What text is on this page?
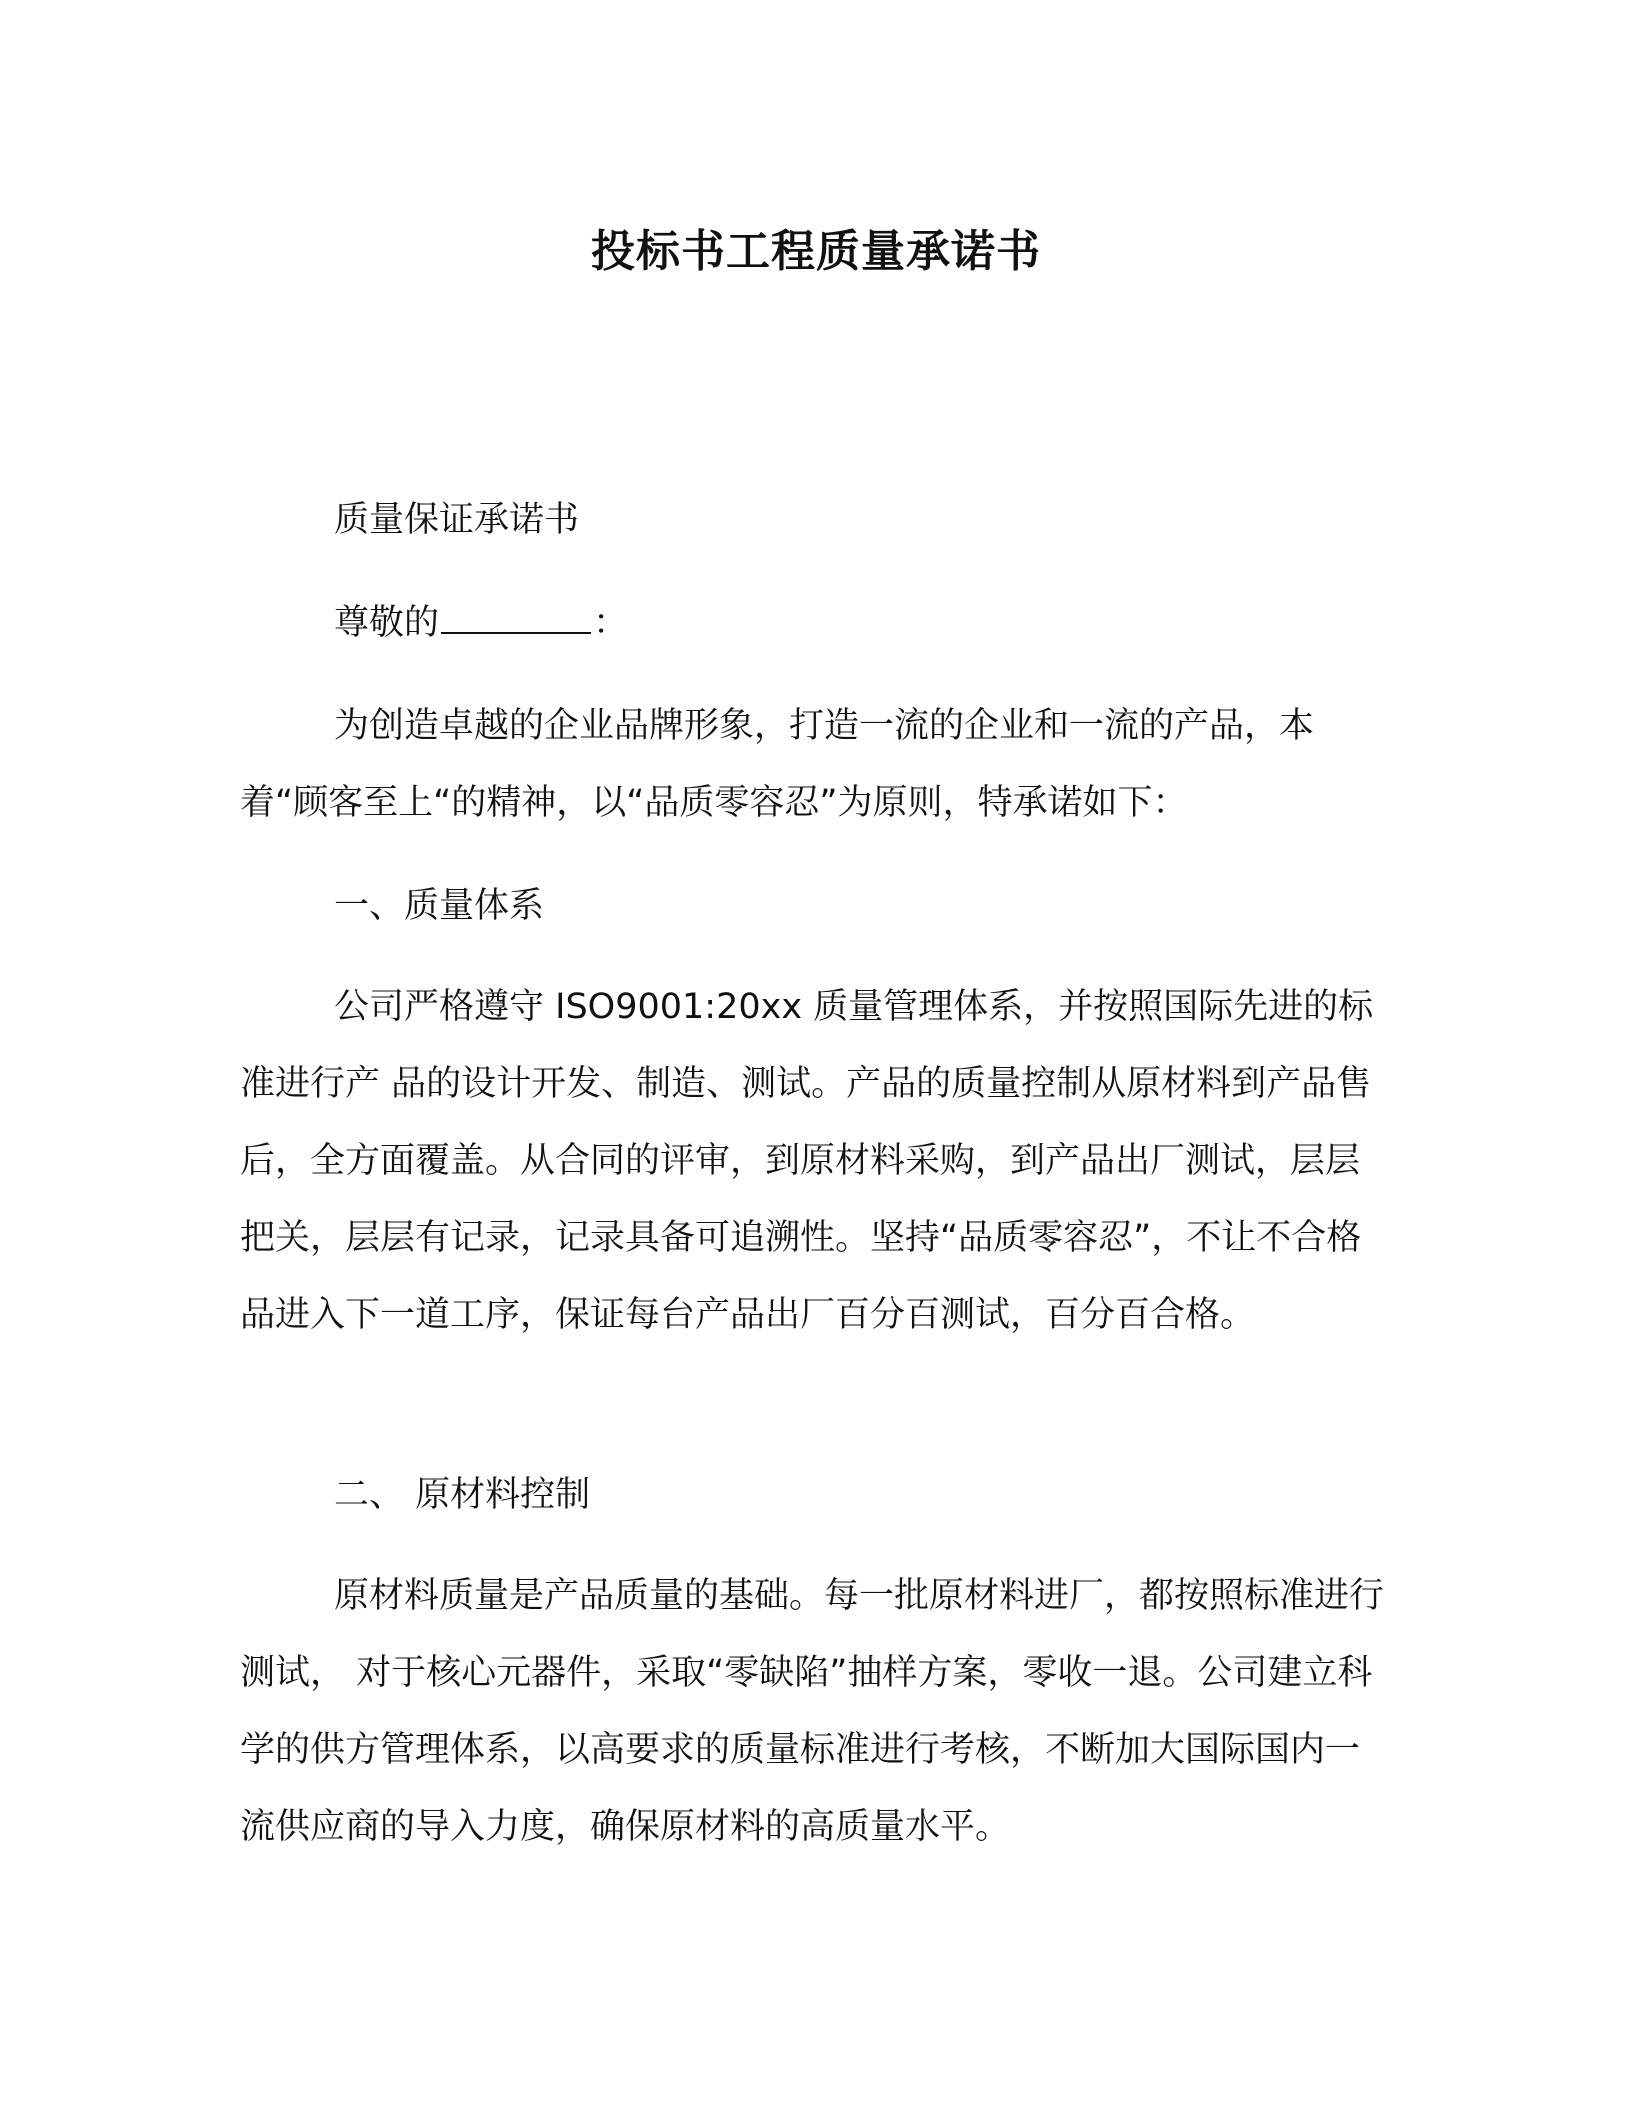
投标书工程质量承诺书

质量保证承诺书

尊敬的	：

为创造卓越的企业品牌形象，打造一流的企业和一流的产品，本着“顾客至上“的精神，以“品质零容忍”为原则，特承诺如下：

一、质量体系

公司严格遵守 ISO9001:20xx 质量管理体系，并按照国际先进的标准进行产 品的设计开发、制造、测试。产品的质量控制从原材料到产品售后，全方面覆盖。从合同的评审，到原材料采购，到产品出厂测试，层层把关，层层有记录，记录具备可追溯性。坚持“品质零容忍”，不让不合格品进入下一道工序，保证每台产品出厂百分百测试，百分百合格。

二、 原材料控制

原材料质量是产品质量的基础。每一批原材料进厂，都按照标准进行测试， 对于核心元器件，采取“零缺陷”抽样方案，零收一退。公司建立科学的供方管理体系，以高要求的质量标准进行考核，不断加大国际国内一流供应商的导入力度，确保原材料的高质量水平。
